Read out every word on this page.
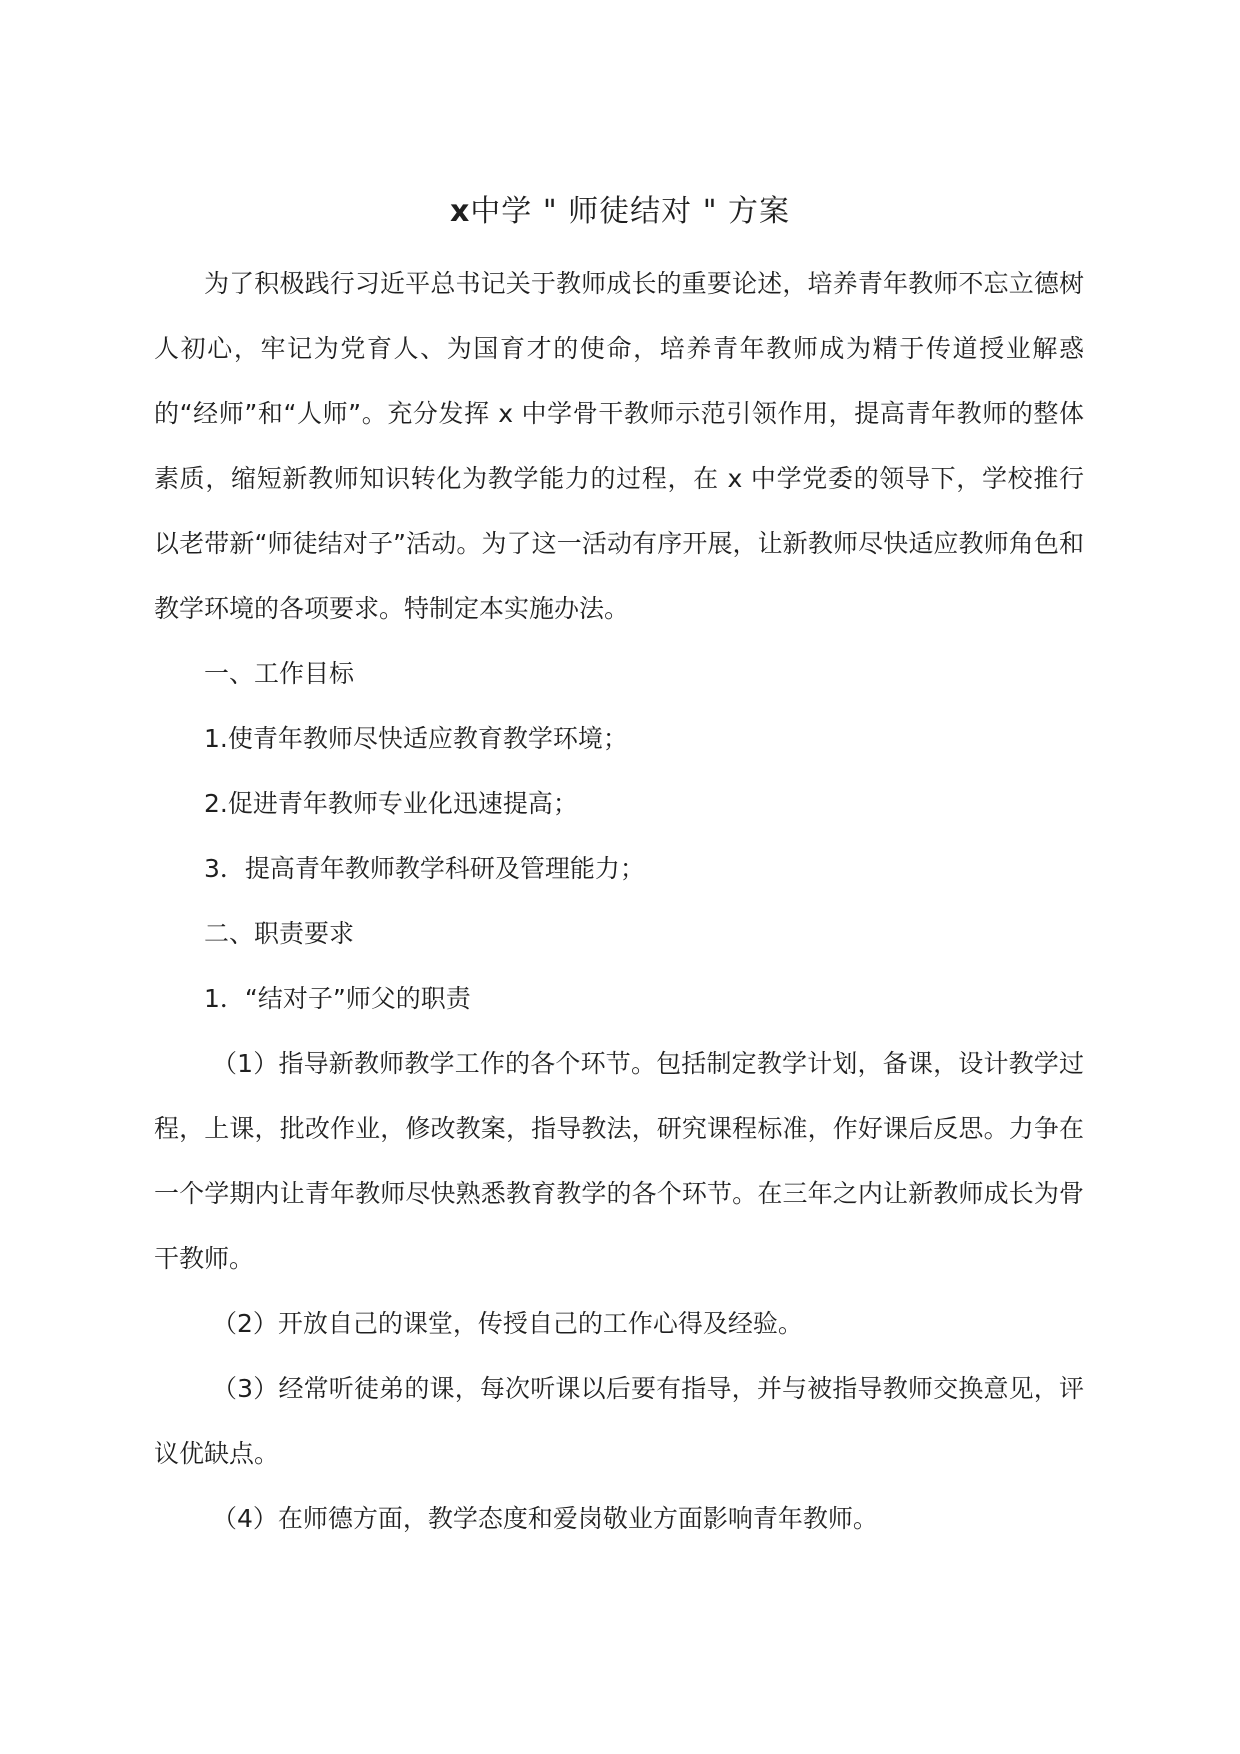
x中学 " 师徒结对 " 方案

为了积极践行习近平总书记关于教师成长的重要论述，培养青年教师不忘立德树人初心，牢记为党育人、为国育才的使命，培养青年教师成为精于传道授业解惑的“经师”和“人师”。充分发挥 x 中学骨干教师示范引领作用，提高青年教师的整体素质，缩短新教师知识转化为教学能力的过程，在 x 中学党委的领导下，学校推行以老带新“师徒结对子”活动。为了这一活动有序开展，让新教师尽快适应教师角色和教学环境的各项要求。特制定本实施办法。

一、工作目标

1.使青年教师尽快适应教育教学环境；

2.促进青年教师专业化迅速提高；

3．提高青年教师教学科研及管理能力；

二、职责要求

1．“结对子”师父的职责

（1）指导新教师教学工作的各个环节。包括制定教学计划，备课，设计教学过程，上课，批改作业，修改教案，指导教法，研究课程标准，作好课后反思。力争在一个学期内让青年教师尽快熟悉教育教学的各个环节。在三年之内让新教师成长为骨干教师。

（2）开放自己的课堂，传授自己的工作心得及经验。

（3）经常听徒弟的课，每次听课以后要有指导，并与被指导教师交换意见，评议优缺点。

（4）在师德方面，教学态度和爱岗敬业方面影响青年教师。
